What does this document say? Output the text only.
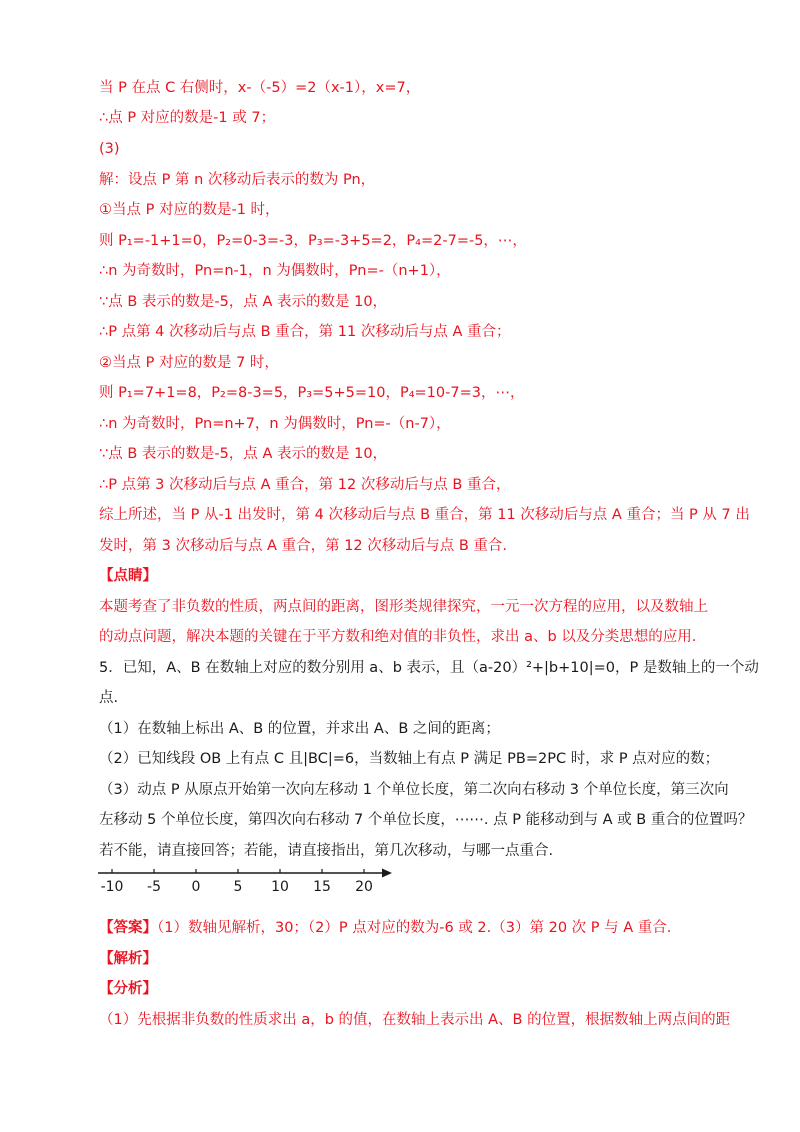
当 P 在点 C 右侧时，x-（-5）=2（x-1），x=7，
∴点 P 对应的数是-1 或 7；
(3)
解：设点 P 第 n 次移动后表示的数为 Pn，
①当点 P 对应的数是-1 时，
则 P₁=-1+1=0，P₂=0-3=-3，P₃=-3+5=2，P₄=2-7=-5，⋯，
∴n 为奇数时，Pn=n-1，n 为偶数时，Pn=-（n+1），
∵点 B 表示的数是-5，点 A 表示的数是 10，
∴P 点第 4 次移动后与点 B 重合，第 11 次移动后与点 A 重合；
②当点 P 对应的数是 7 时，
则 P₁=7+1=8，P₂=8-3=5，P₃=5+5=10，P₄=10-7=3，⋯，
∴n 为奇数时，Pn=n+7，n 为偶数时，Pn=-（n-7），
∵点 B 表示的数是-5，点 A 表示的数是 10，
∴P 点第 3 次移动后与点 A 重合，第 12 次移动后与点 B 重合，
综上所述，当 P 从-1 出发时，第 4 次移动后与点 B 重合，第 11 次移动后与点 A 重合；当 P 从 7 出
发时，第 3 次移动后与点 A 重合，第 12 次移动后与点 B 重合.
【点睛】
本题考查了非负数的性质，两点间的距离，图形类规律探究，一元一次方程的应用，以及数轴上
的动点问题，解决本题的关键在于平方数和绝对值的非负性，求出 a、b 以及分类思想的应用.
5．已知，A、B 在数轴上对应的数分别用 a、b 表示，且（a-20）²+|b+10|=0，P 是数轴上的一个动
点.
（1）在数轴上标出 A、B 的位置，并求出 A、B 之间的距离；
（2）已知线段 OB 上有点 C 且|BC|=6，当数轴上有点 P 满足 PB=2PC 时，求 P 点对应的数；
（3）动点 P 从原点开始第一次向左移动 1 个单位长度，第二次向右移动 3 个单位长度，第三次向
左移动 5 个单位长度，第四次向右移动 7 个单位长度，⋯⋯. 点 P 能移动到与 A 或 B 重合的位置吗？
若不能，请直接回答；若能，请直接指出，第几次移动，与哪一点重合.
-10 -5 0 5 10 15 20
【答案】（1）数轴见解析，30；（2）P 点对应的数为-6 或 2.（3）第 20 次 P 与 A 重合.
【解析】
【分析】
（1）先根据非负数的性质求出 a，b 的值，在数轴上表示出 A、B 的位置，根据数轴上两点间的距
